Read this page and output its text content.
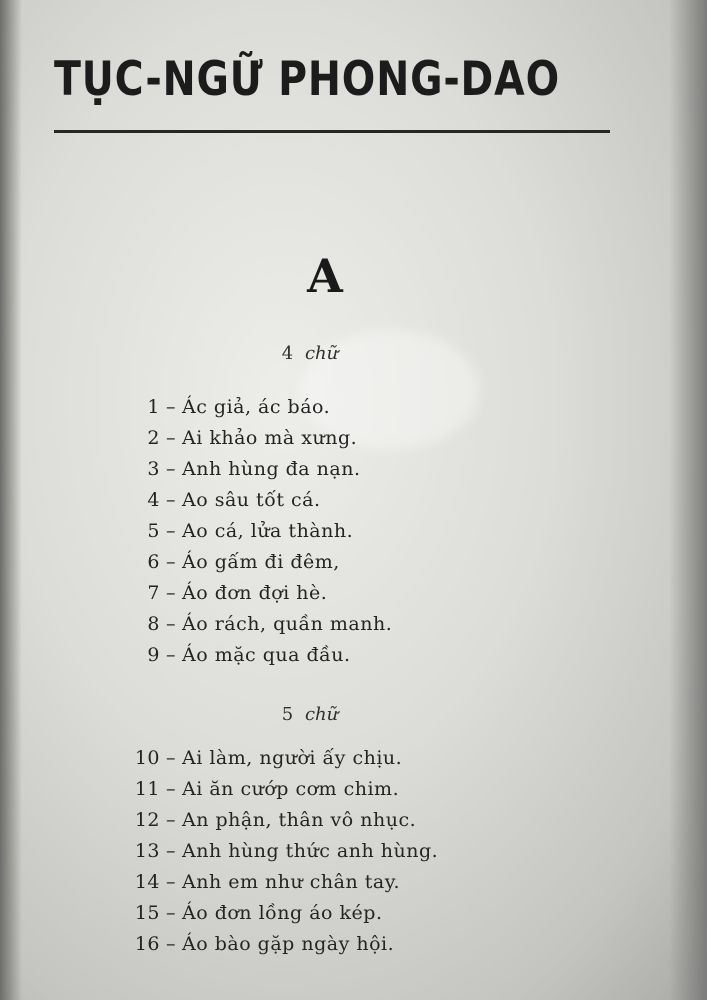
TỤC-NGỮ PHONG-DAO
A
4 chữ
1 – Ác giả, ác báo.
2 – Ai khảo mà xưng.
3 – Anh hùng đa nạn.
4 – Ao sâu tốt cá.
5 – Ao cá, lửa thành.
6 – Áo gấm đi đêm,
7 – Áo đơn đợi hè.
8 – Áo rách, quần manh.
9 – Áo mặc qua đầu.
5 chữ
10 – Ai làm, người ấy chịu.
11 – Ai ăn cướp cơm chim.
12 – An phận, thân vô nhục.
13 – Anh hùng thức anh hùng.
14 – Anh em như chân tay.
15 – Áo đơn lồng áo kép.
16 – Áo bào gặp ngày hội.
